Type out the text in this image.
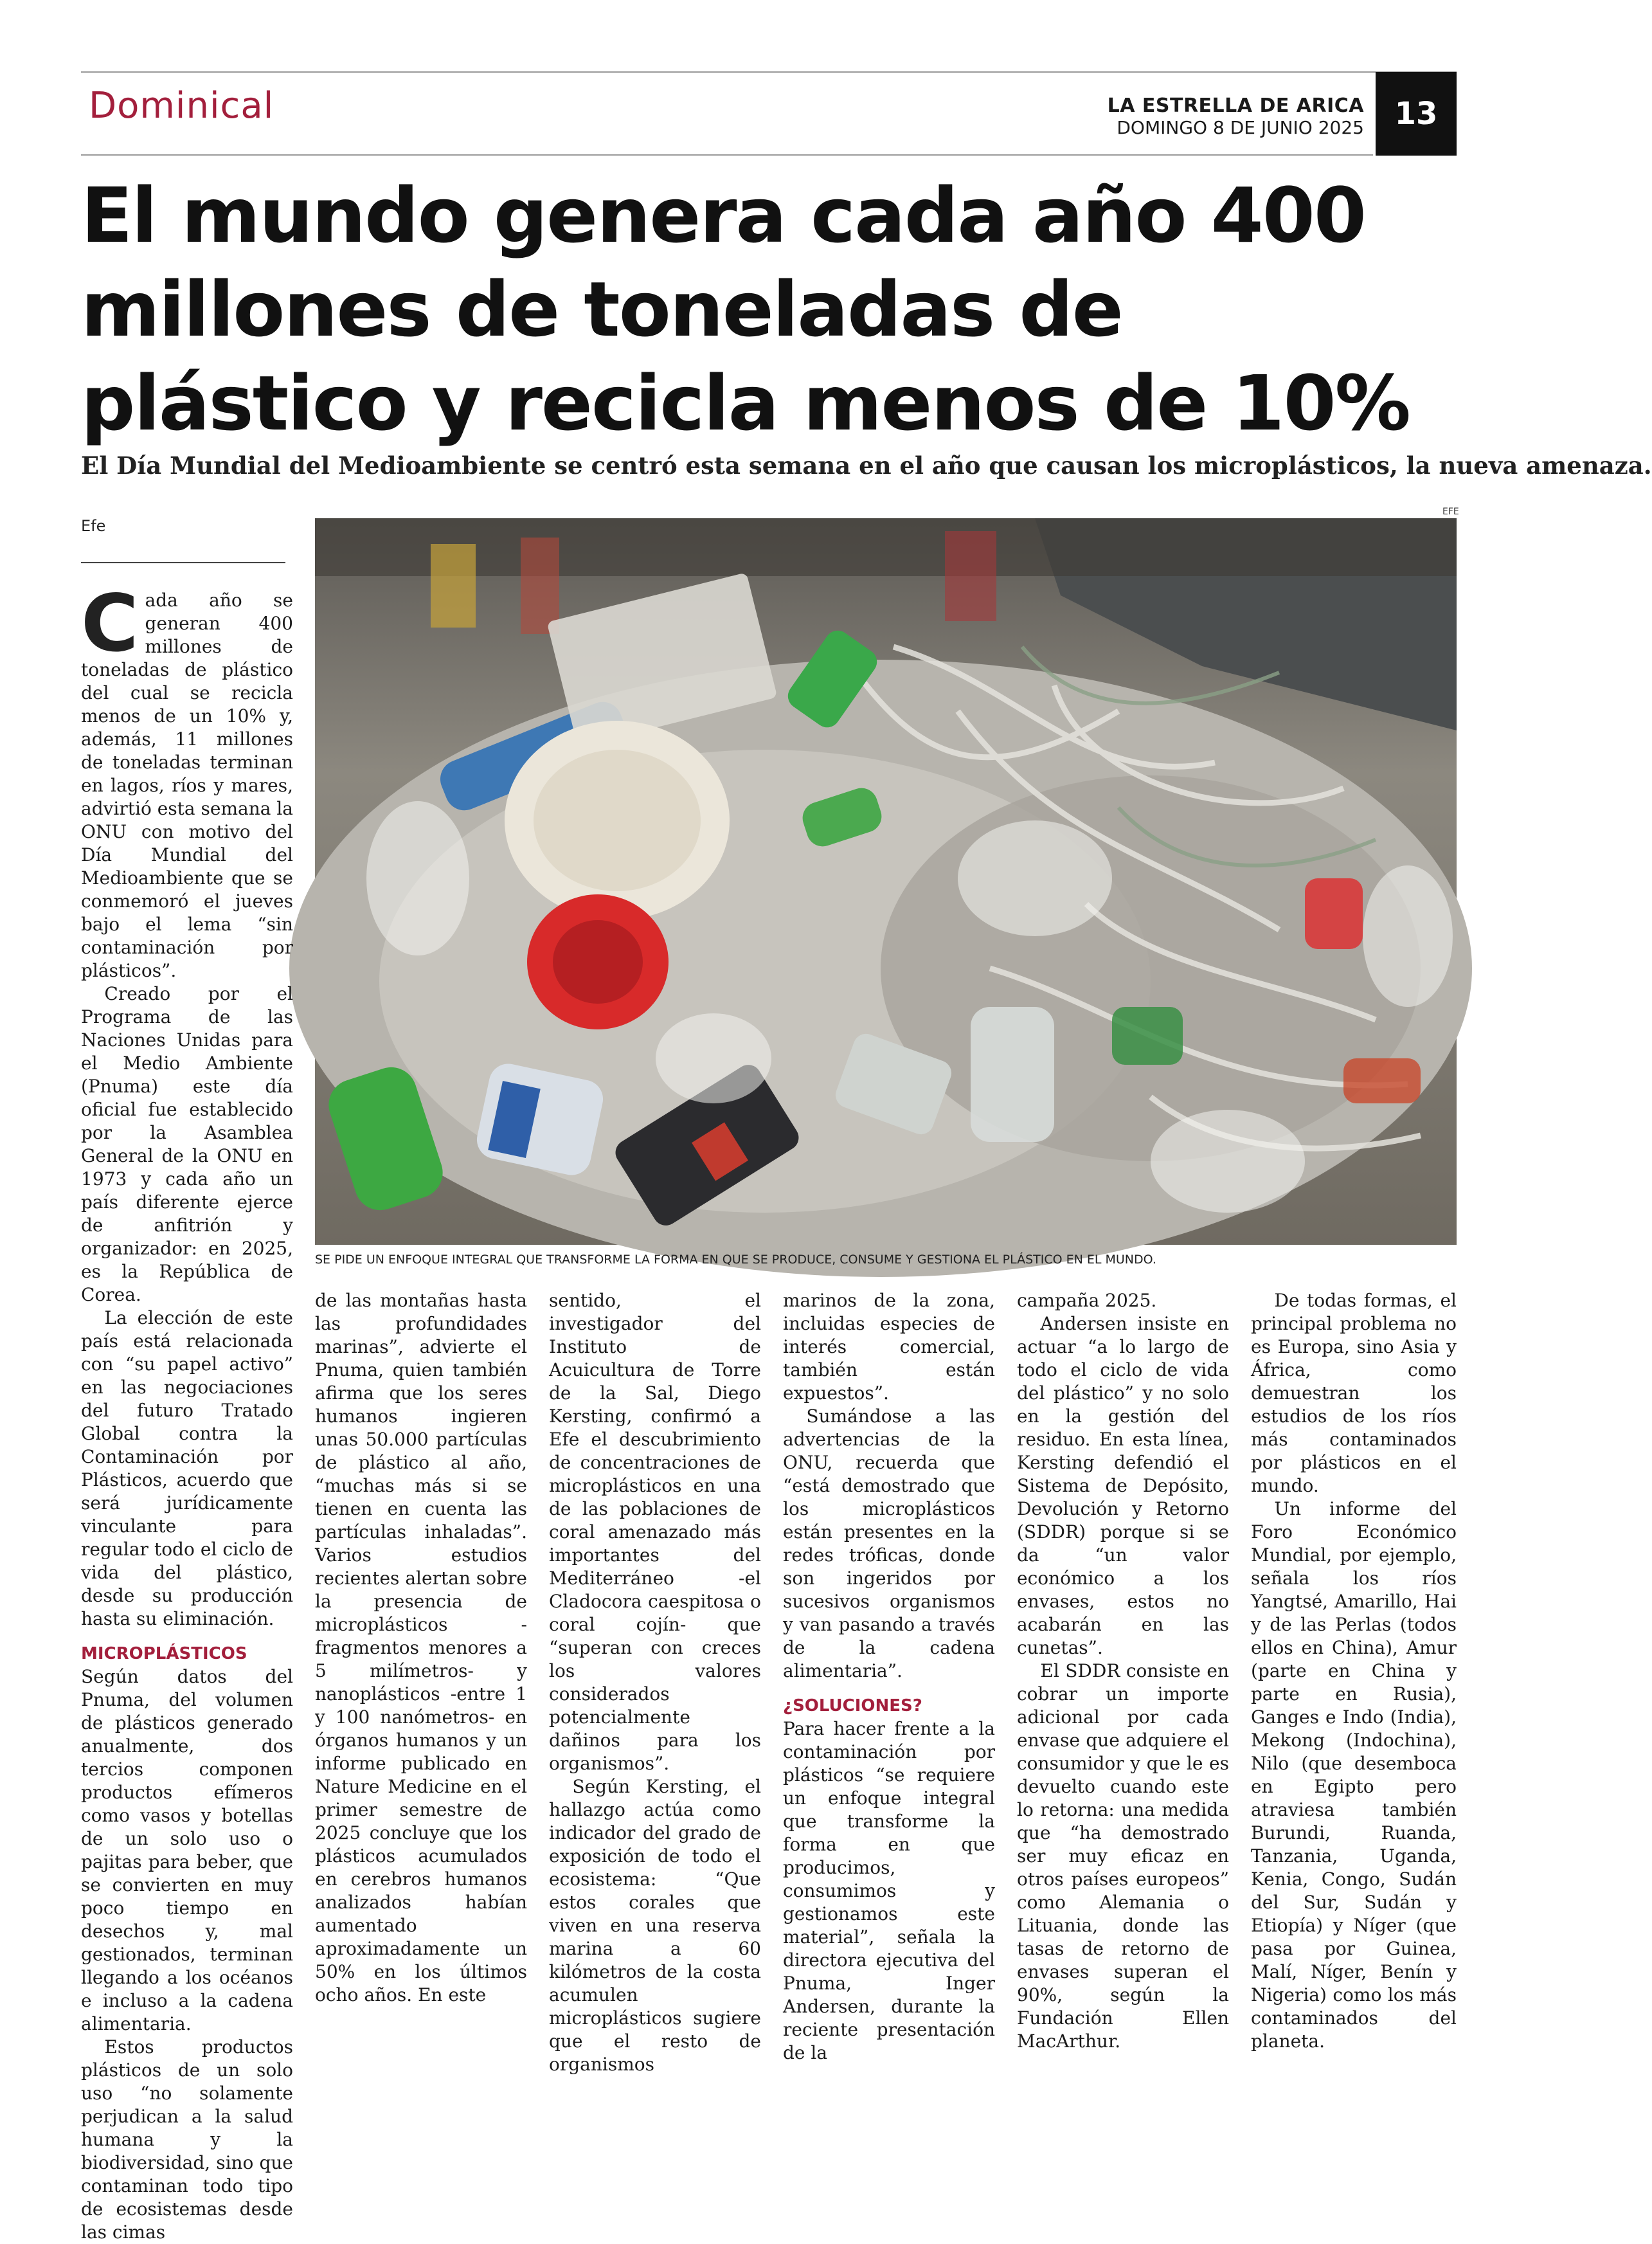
Dominical	LA ESTRELLA DE ARICA
DOMINGO 8 DE JUNIO 2025 13
El mundo genera cada año 400 millones de toneladas de plástico y recicla menos de 10%
El Día Mundial del Medioambiente se centró esta semana en el año que causan los microplásticos, la nueva amenaza.
Efe
EFE
SE PIDE UN ENFOQUE INTEGRAL QUE TRANSFORME LA FORMA EN QUE SE PRODUCE, CONSUME Y GESTIONA EL PLÁSTICO EN EL MUNDO.
C ada año se generan 400 millones de toneladas de plástico del cual se recicla menos de un 10% y, además, 11 millones de toneladas terminan en lagos, ríos y mares, advirtió esta semana la ONU con motivo del Día Mundial del Medioambiente que se conmemoró el jueves bajo el lema “sin contaminación por plásticos”.

Creado por el Programa de las Naciones Unidas para el Medio Ambiente (Pnuma) este día oficial fue establecido por la Asamblea General de la ONU en 1973 y cada año un país diferente ejerce de anfitrión y organizador: en 2025, es la República de Corea.

La elección de este país está relacionada con “su papel activo” en las negociaciones del futuro Tratado Global contra la Contaminación por Plásticos, acuerdo que será jurídicamente vinculante para regular todo el ciclo de vida del plástico, desde su producción hasta su eliminación.

MICROPLÁSTICOS

Según datos del Pnuma, del volumen de plásticos generado anualmente, dos tercios componen productos efímeros como vasos y botellas de un solo uso o pajitas para beber, que se convierten en muy poco tiempo en desechos y, mal gestionados, terminan llegando a los océanos e incluso a la cadena alimentaria.

Estos productos plásticos de un solo uso “no solamente perjudican a la salud humana y la biodiversidad, sino que contaminan todo tipo de ecosistemas desde las cimas

de las montañas hasta las profundidades marinas”, advierte el Pnuma, quien también afirma que los seres humanos ingieren unas 50.000 partículas de plástico al año, “muchas más si se tienen en cuenta las partículas inhaladas”. Varios estudios recientes alertan sobre la presencia de microplásticos -fragmentos menores a 5 milímetros- y nanoplásticos -entre 1 y 100 nanómetros- en órganos humanos y un informe publicado en Nature Medicine en el primer semestre de 2025 concluye que los plásticos acumulados en cerebros humanos analizados habían aumentado aproximadamente un 50% en los últimos ocho años. En este

sentido, el investigador del Instituto de Acuicultura de Torre de la Sal, Diego Kersting, confirmó a Efe el descubrimiento de concentraciones de microplásticos en una de las poblaciones de coral amenazado más importantes del Mediterráneo -el Cladocora caespitosa o coral cojín- que “superan con creces los valores considerados potencialmente dañinos para los organismos”.

Según Kersting, el hallazgo actúa como indicador del grado de exposición de todo el ecosistema: “Que estos corales que viven en una reserva marina a 60 kilómetros de la costa acumulen microplásticos sugiere que el resto de organismos

marinos de la zona, incluidas especies de interés comercial, también están expuestos”.

Sumándose a las advertencias de la ONU, recuerda que “está demostrado que los microplásticos están presentes en la redes tróficas, donde son ingeridos por sucesivos organismos y van pasando a través de la cadena alimentaria”.

¿SOLUCIONES?

Para hacer frente a la contaminación por plásticos “se requiere un enfoque integral que transforme la forma en que producimos, consumimos y gestionamos este material”, señala la directora ejecutiva del Pnuma, Inger Andersen, durante la reciente presentación de la

campaña 2025.

Andersen insiste en actuar “a lo largo de todo el ciclo de vida del plástico” y no solo en la gestión del residuo. En esta línea, Kersting defendió el Sistema de Depósito, Devolución y Retorno (SDDR) porque si se da “un valor económico a los envases, estos no acabarán en las cunetas”.

El SDDR consiste en cobrar un importe adicional por cada envase que adquiere el consumidor y que le es devuelto cuando este lo retorna: una medida que “ha demostrado ser muy eficaz en otros países europeos” como Alemania o Lituania, donde las tasas de retorno de envases superan el 90%, según la Fundación Ellen MacArthur.

De todas formas, el principal problema no es Europa, sino Asia y África, como demuestran los estudios de los ríos más contaminados por plásticos en el mundo.

Un informe del Foro Económico Mundial, por ejemplo, señala los ríos Yangtsé, Amarillo, Hai y de las Perlas (todos ellos en China), Amur (parte en China y parte en Rusia), Ganges e Indo (India), Mekong (Indochina), Nilo (que desemboca en Egipto pero atraviesa también Burundi, Ruanda, Tanzania, Uganda, Kenia, Congo, Sudán del Sur, Sudán y Etiopía) y Níger (que pasa por Guinea, Malí, Níger, Benín y Nigeria) como los más contaminados del planeta.
